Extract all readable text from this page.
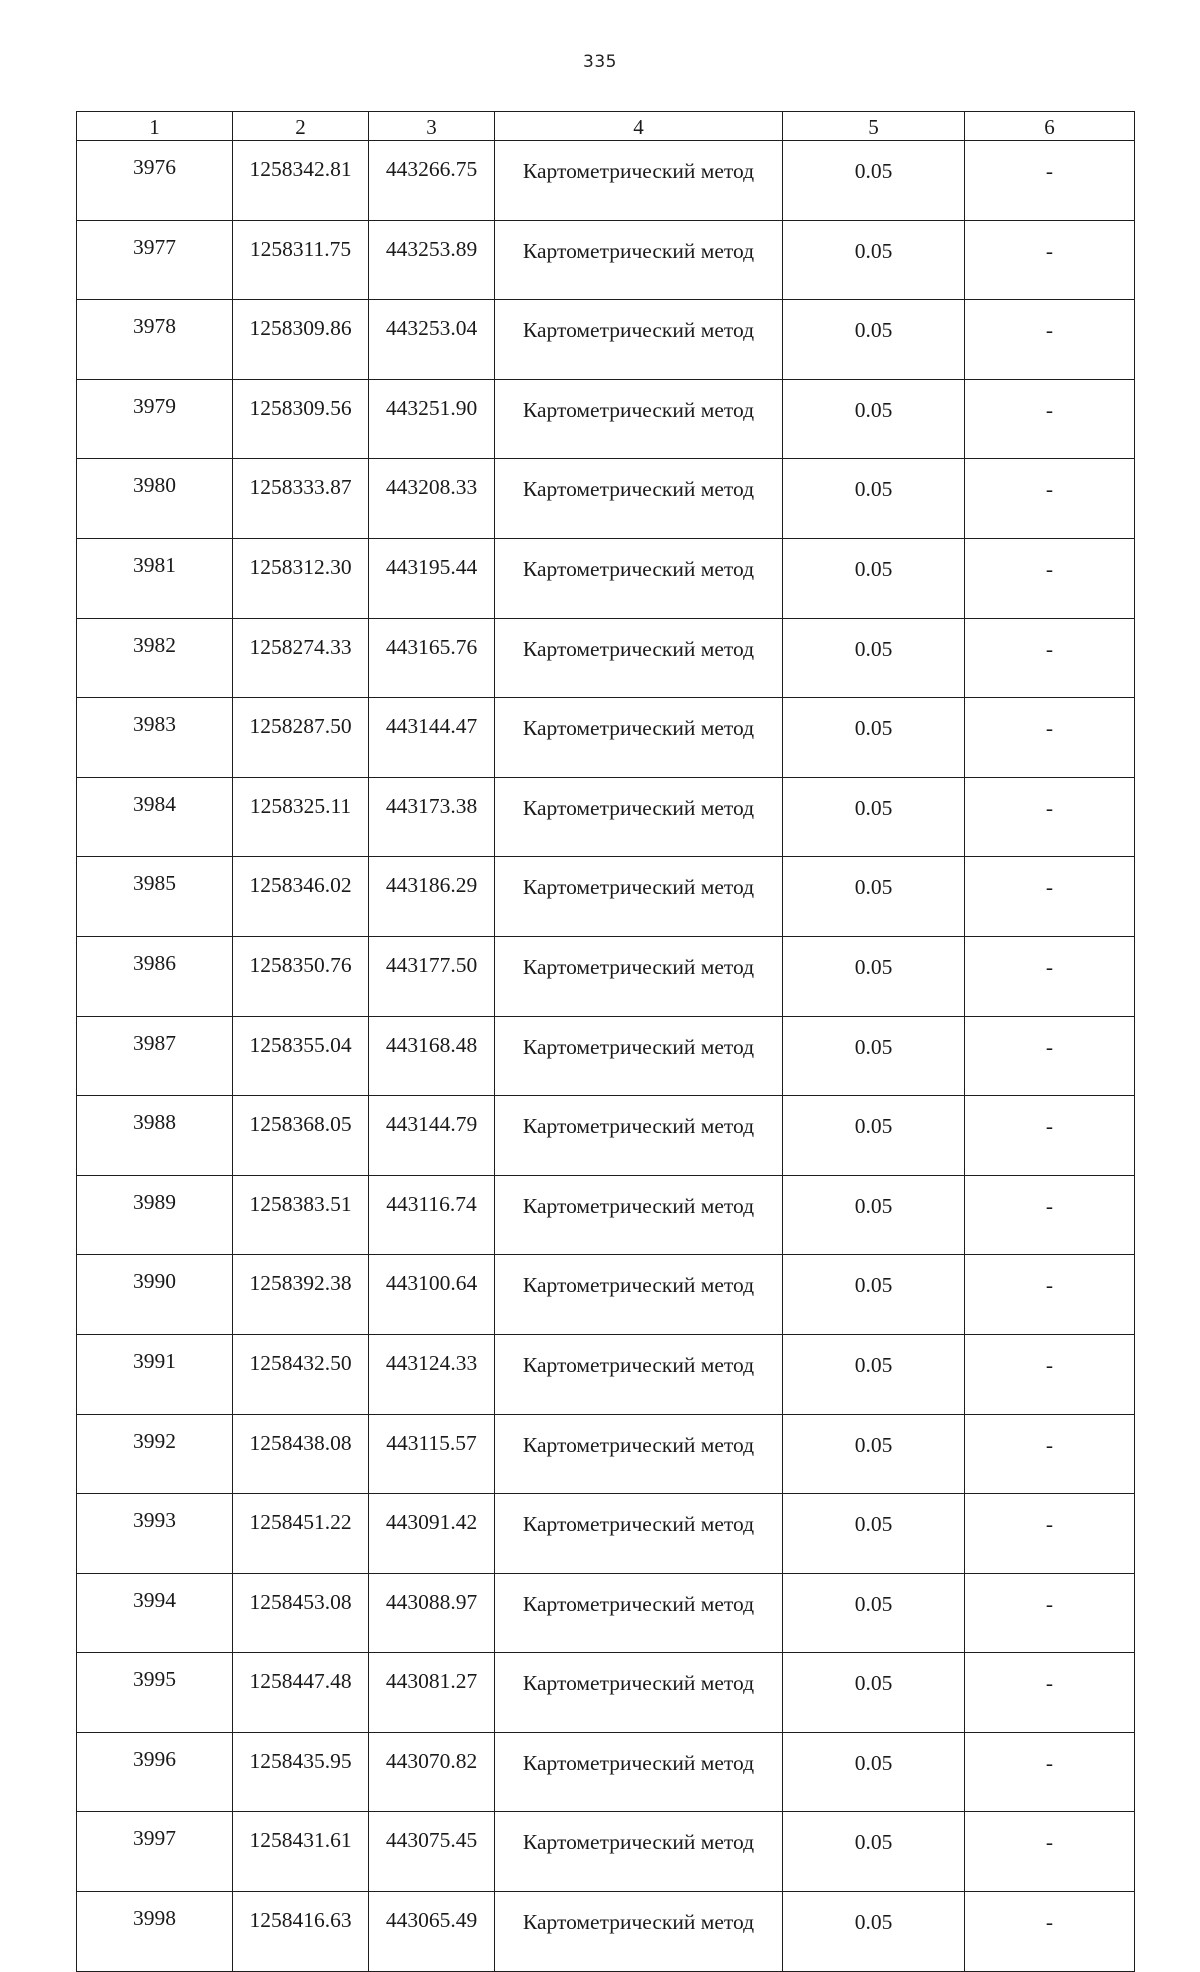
335
1	2	3	4	5	6
3976	1258342.81	443266.75	Картометрический метод	0.05	-
3977	1258311.75	443253.89	Картометрический метод	0.05	-
3978	1258309.86	443253.04	Картометрический метод	0.05	-
3979	1258309.56	443251.90	Картометрический метод	0.05	-
3980	1258333.87	443208.33	Картометрический метод	0.05	-
3981	1258312.30	443195.44	Картометрический метод	0.05	-
3982	1258274.33	443165.76	Картометрический метод	0.05	-
3983	1258287.50	443144.47	Картометрический метод	0.05	-
3984	1258325.11	443173.38	Картометрический метод	0.05	-
3985	1258346.02	443186.29	Картометрический метод	0.05	-
3986	1258350.76	443177.50	Картометрический метод	0.05	-
3987	1258355.04	443168.48	Картометрический метод	0.05	-
3988	1258368.05	443144.79	Картометрический метод	0.05	-
3989	1258383.51	443116.74	Картометрический метод	0.05	-
3990	1258392.38	443100.64	Картометрический метод	0.05	-
3991	1258432.50	443124.33	Картометрический метод	0.05	-
3992	1258438.08	443115.57	Картометрический метод	0.05	-
3993	1258451.22	443091.42	Картометрический метод	0.05	-
3994	1258453.08	443088.97	Картометрический метод	0.05	-
3995	1258447.48	443081.27	Картометрический метод	0.05	-
3996	1258435.95	443070.82	Картометрический метод	0.05	-
3997	1258431.61	443075.45	Картометрический метод	0.05	-
3998	1258416.63	443065.49	Картометрический метод	0.05	-
